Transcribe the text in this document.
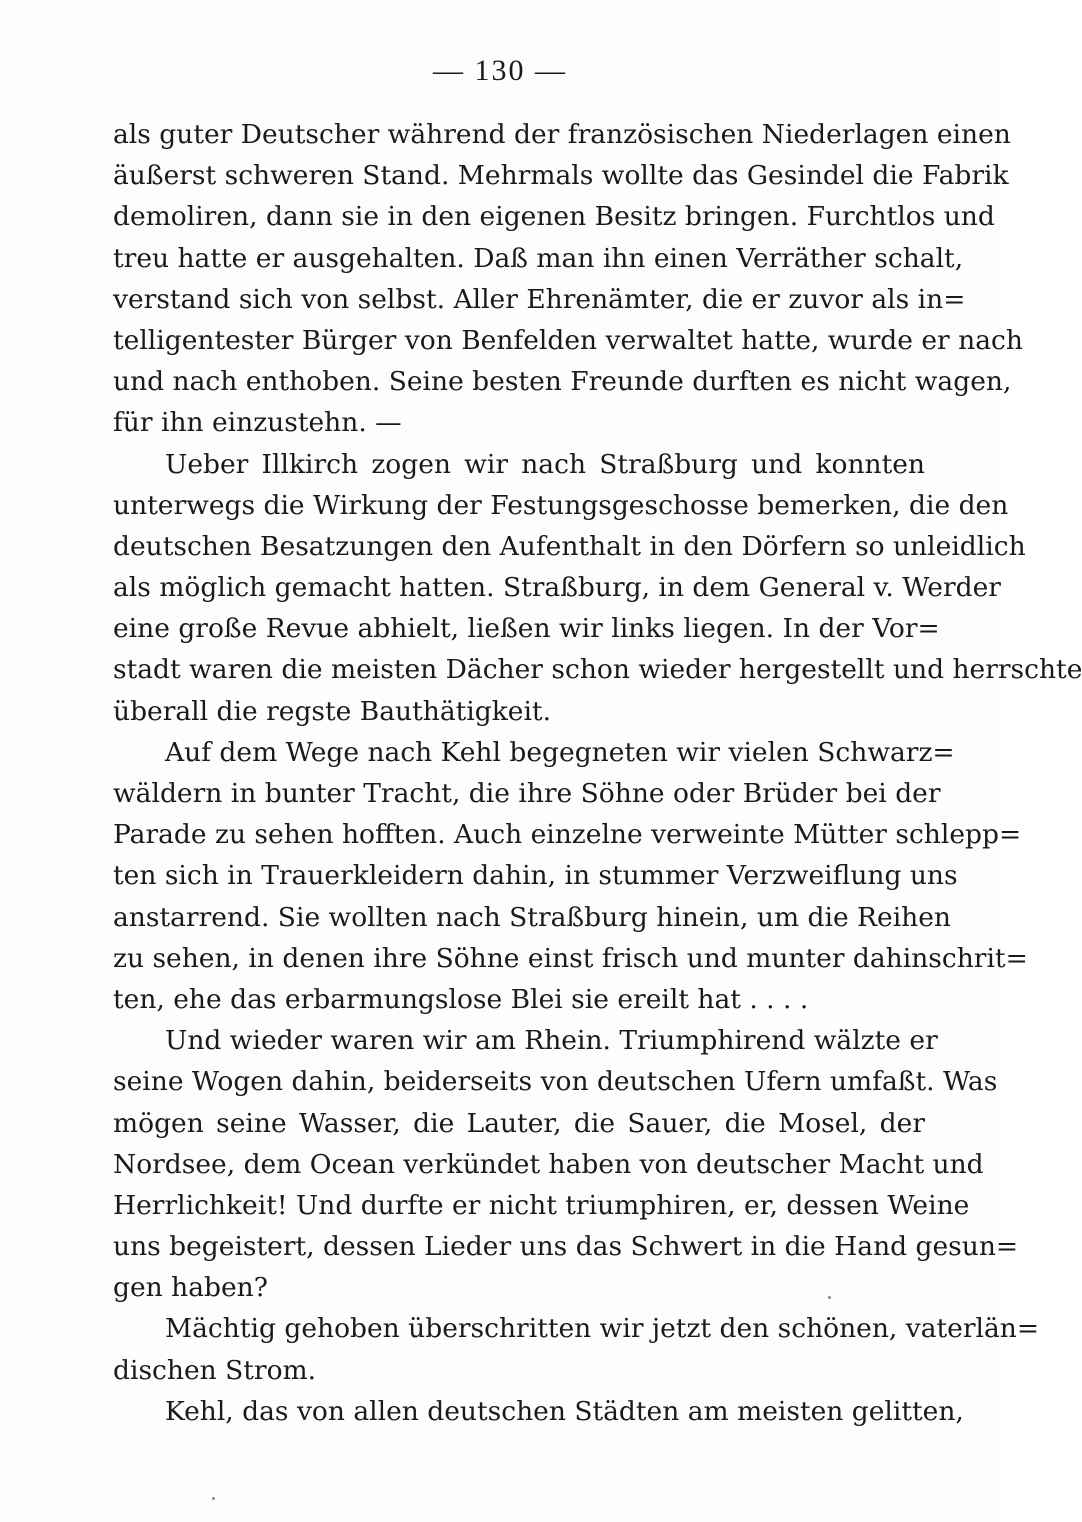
— 130 —
als guter Deutscher während der französischen Niederlagen einen
äußerst schweren Stand. Mehrmals wollte das Gesindel die Fabrik
demoliren, dann sie in den eigenen Besitz bringen. Furchtlos und
treu hatte er ausgehalten. Daß man ihn einen Verräther schalt,
verstand sich von selbst. Aller Ehrenämter, die er zuvor als in=
telligentester Bürger von Benfelden verwaltet hatte, wurde er nach
und nach enthoben. Seine besten Freunde durften es nicht wagen,
für ihn einzustehn. —
Ueber Illkirch zogen wir nach Straßburg und konnten
unterwegs die Wirkung der Festungsgeschosse bemerken, die den
deutschen Besatzungen den Aufenthalt in den Dörfern so unleidlich
als möglich gemacht hatten. Straßburg, in dem General v. Werder
eine große Revue abhielt, ließen wir links liegen. In der Vor=
stadt waren die meisten Dächer schon wieder hergestellt und herrschte
überall die regste Bauthätigkeit.
Auf dem Wege nach Kehl begegneten wir vielen Schwarz=
wäldern in bunter Tracht, die ihre Söhne oder Brüder bei der
Parade zu sehen hofften. Auch einzelne verweinte Mütter schlepp=
ten sich in Trauerkleidern dahin, in stummer Verzweiflung uns
anstarrend. Sie wollten nach Straßburg hinein, um die Reihen
zu sehen, in denen ihre Söhne einst frisch und munter dahinschrit=
ten, ehe das erbarmungslose Blei sie ereilt hat . . . .
Und wieder waren wir am Rhein. Triumphirend wälzte er
seine Wogen dahin, beiderseits von deutschen Ufern umfaßt. Was
mögen seine Wasser, die Lauter, die Sauer, die Mosel, der
Nordsee, dem Ocean verkündet haben von deutscher Macht und
Herrlichkeit! Und durfte er nicht triumphiren, er, dessen Weine
uns begeistert, dessen Lieder uns das Schwert in die Hand gesun=
gen haben?
Mächtig gehoben überschritten wir jetzt den schönen, vaterlän=
dischen Strom.
Kehl, das von allen deutschen Städten am meisten gelitten,
